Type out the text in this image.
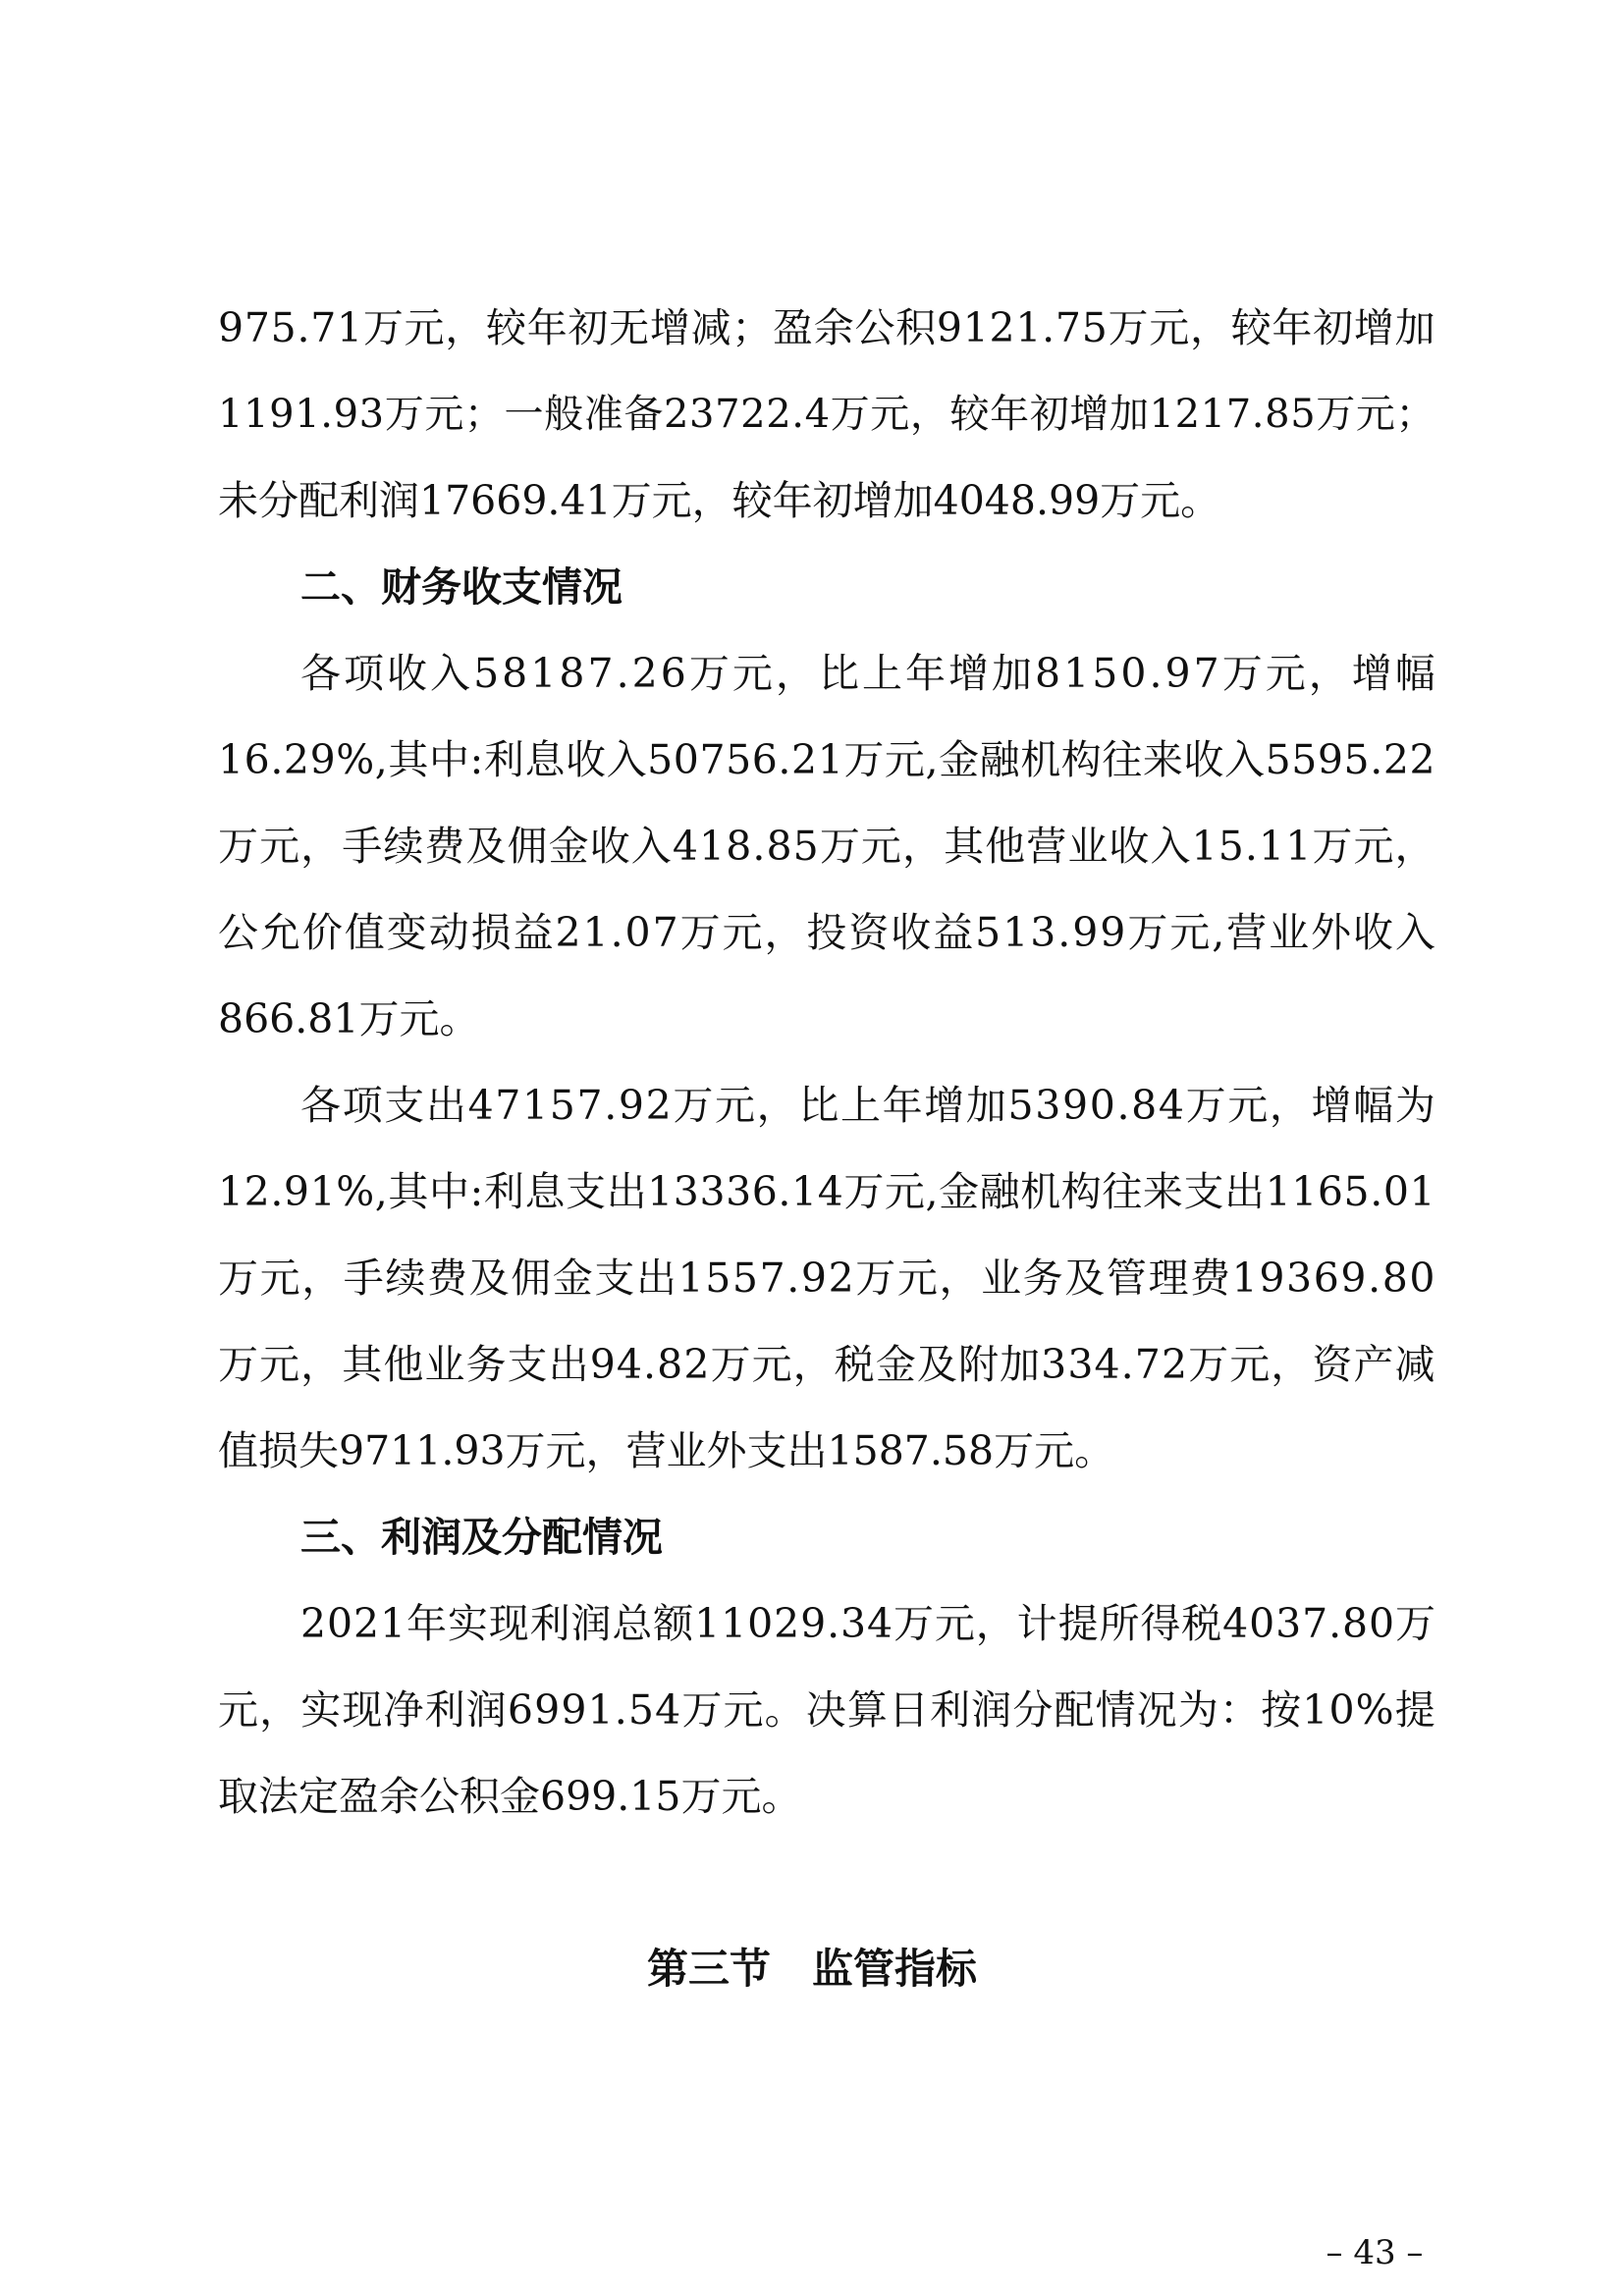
9 7 5 . 7 1 万 元 ， 较 年 初 无 增 减 ； 盈 余 公 积 9 1 2 1 . 7 5 万 元 ， 较 年 初 增 加
1 1 9 1 . 9 3 万 元 ； 一 般 准 备 2 3 7 2 2 . 4 万 元 ， 较 年 初 增 加 1 2 1 7 . 8 5 万 元 ；
未分配利润17669.41万元，较年初增加4048.99万元。
二、财务收支情况
各 项 收 入 5 8 1 8 7 . 2 6 万 元 ， 比 上 年 增 加 8 1 5 0 . 9 7 万 元 ， 增 幅
1 6 . 2 9 % , 其 中 : 利 息 收 入 5 0 7 5 6 . 2 1 万 元 , 金 融 机 构 往 来 收 入 5 5 9 5 . 2 2
万 元 ， 手 续 费 及 佣 金 收 入 4 1 8 . 8 5 万 元 ， 其 他 营 业 收 入 1 5 . 1 1 万 元 ，
公 允 价 值 变 动 损 益 2 1 . 0 7 万 元 ， 投 资 收 益 5 1 3 . 9 9 万 元 , 营 业 外 收 入
866.81万元。
各 项 支 出 4 7 1 5 7 . 9 2 万 元 ， 比 上 年 增 加 5 3 9 0 . 8 4 万 元 ， 增 幅 为
1 2 . 9 1 % , 其 中 : 利 息 支 出 1 3 3 3 6 . 1 4 万 元 , 金 融 机 构 往 来 支 出 1 1 6 5 . 0 1
万 元 ， 手 续 费 及 佣 金 支 出 1 5 5 7 . 9 2 万 元 ， 业 务 及 管 理 费 1 9 3 6 9 . 8 0
万 元 ， 其 他 业 务 支 出 9 4 . 8 2 万 元 ， 税 金 及 附 加 3 3 4 . 7 2 万 元 ， 资 产 减
值损失9711.93万元，营业外支出1587.58万元。
三、利润及分配情况
2 0 2 1 年 实 现 利 润 总 额 1 1 0 2 9 . 3 4 万 元 ， 计 提 所 得 税 4 0 3 7 . 8 0 万
元 ， 实 现 净 利 润 6 9 9 1 . 5 4 万 元 。 决 算 日 利 润 分 配 情 况 为 ： 按 1 0 % 提
取法定盈余公积金699.15万元。
第三节　监管指标
– 43 –
